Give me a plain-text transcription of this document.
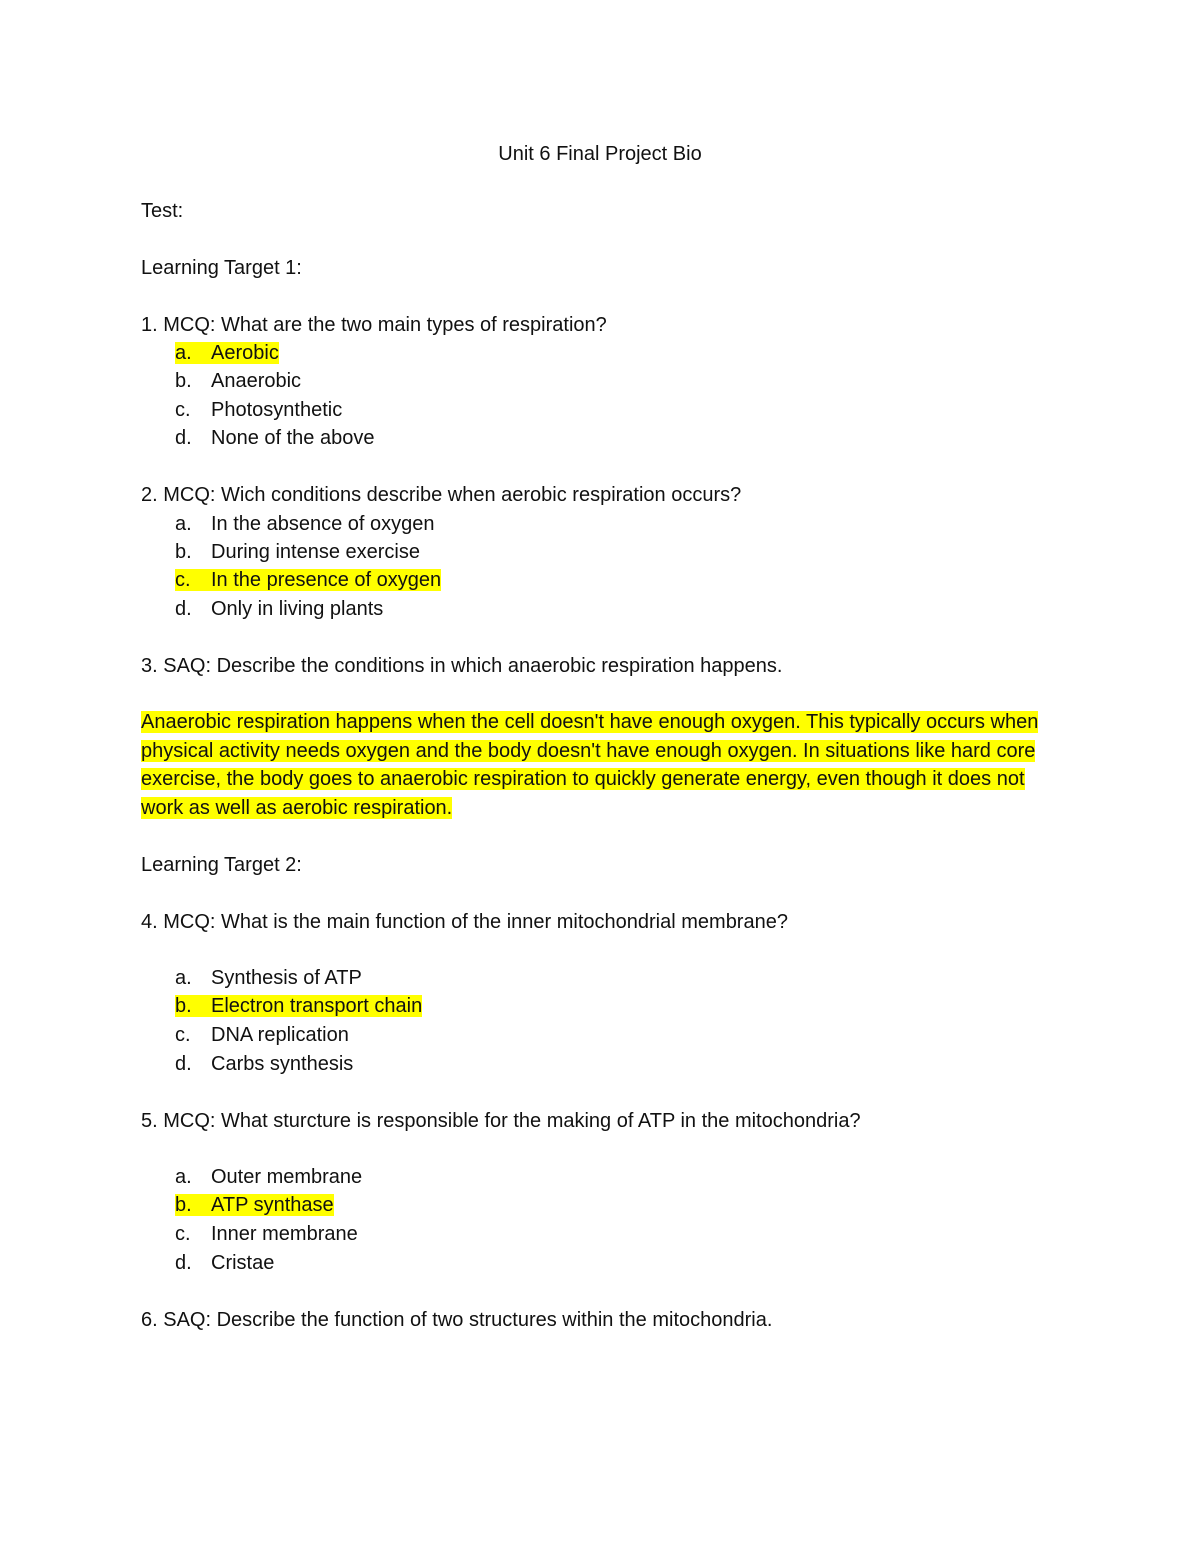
Unit 6 Final Project Bio
Test:
Learning Target 1:
1. MCQ: What are the two main types of respiration?
a. Aerobic
b. Anaerobic
c. Photosynthetic
d. None of the above
2. MCQ: Wich conditions describe when aerobic respiration occurs?
a. In the absence of oxygen
b. During intense exercise
c. In the presence of oxygen
d. Only in living plants
3. SAQ: Describe the conditions in which anaerobic respiration happens.
Anaerobic respiration happens when the cell doesn't have enough oxygen. This typically occurs when physical activity needs oxygen and the body doesn't have enough oxygen. In situations like hard core exercise, the body goes to anaerobic respiration to quickly generate energy, even though it does not work as well as aerobic respiration.
Learning Target 2:
4. MCQ: What is the main function of the inner mitochondrial membrane?
a. Synthesis of ATP
b. Electron transport chain
c. DNA replication
d. Carbs synthesis
5. MCQ: What sturcture is responsible for the making of ATP in the mitochondria?
a. Outer membrane
b. ATP synthase
c. Inner membrane
d. Cristae
6. SAQ: Describe the function of two structures within the mitochondria.
